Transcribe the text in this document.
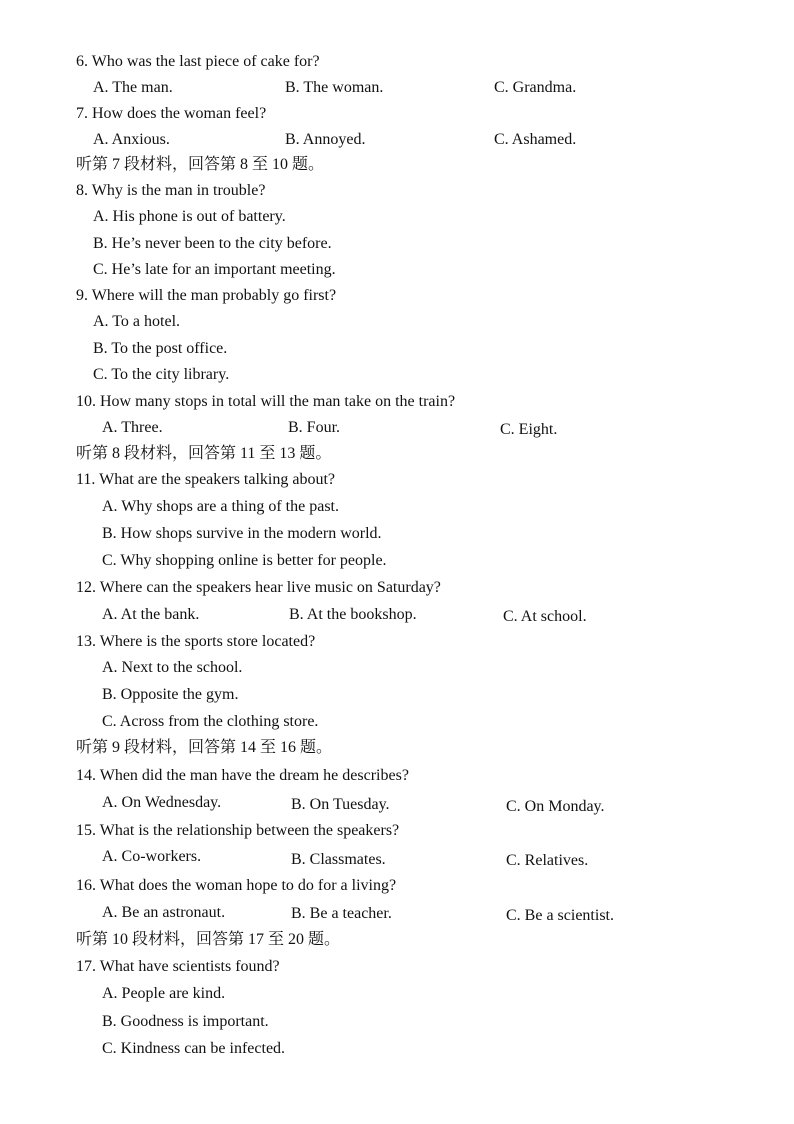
6. Who was the last piece of cake for?
A. The man.	B. The woman.	C. Grandma.
7. How does the woman feel?
A. Anxious.	B. Annoyed.	C. Ashamed.
听第 7 段材料，回答第 8 至 10 题。
8. Why is the man in trouble?
A. His phone is out of battery.
B. He’s never been to the city before.
C. He’s late for an important meeting.
9. Where will the man probably go first?
A. To a hotel.
B. To the post office.
C. To the city library.
10. How many stops in total will the man take on the train?
A. Three.	B. Four.	C. Eight.
听第 8 段材料，回答第 11 至 13 题。
11. What are the speakers talking about?
A. Why shops are a thing of the past.
B. How shops survive in the modern world.
C. Why shopping online is better for people.
12. Where can the speakers hear live music on Saturday?
A. At the bank.	B. At the bookshop.	C. At school.
13. Where is the sports store located?
A. Next to the school.
B. Opposite the gym.
C. Across from the clothing store.
听第 9 段材料，回答第 14 至 16 题。
14. When did the man have the dream he describes?
A. On Wednesday.	B. On Tuesday.	C. On Monday.
15. What is the relationship between the speakers?
A. Co-workers.	B. Classmates.	C. Relatives.
16. What does the woman hope to do for a living?
A. Be an astronaut.	B. Be a teacher.	C. Be a scientist.
听第 10 段材料，回答第 17 至 20 题。
17. What have scientists found?
A. People are kind.
B. Goodness is important.
C. Kindness can be infected.
